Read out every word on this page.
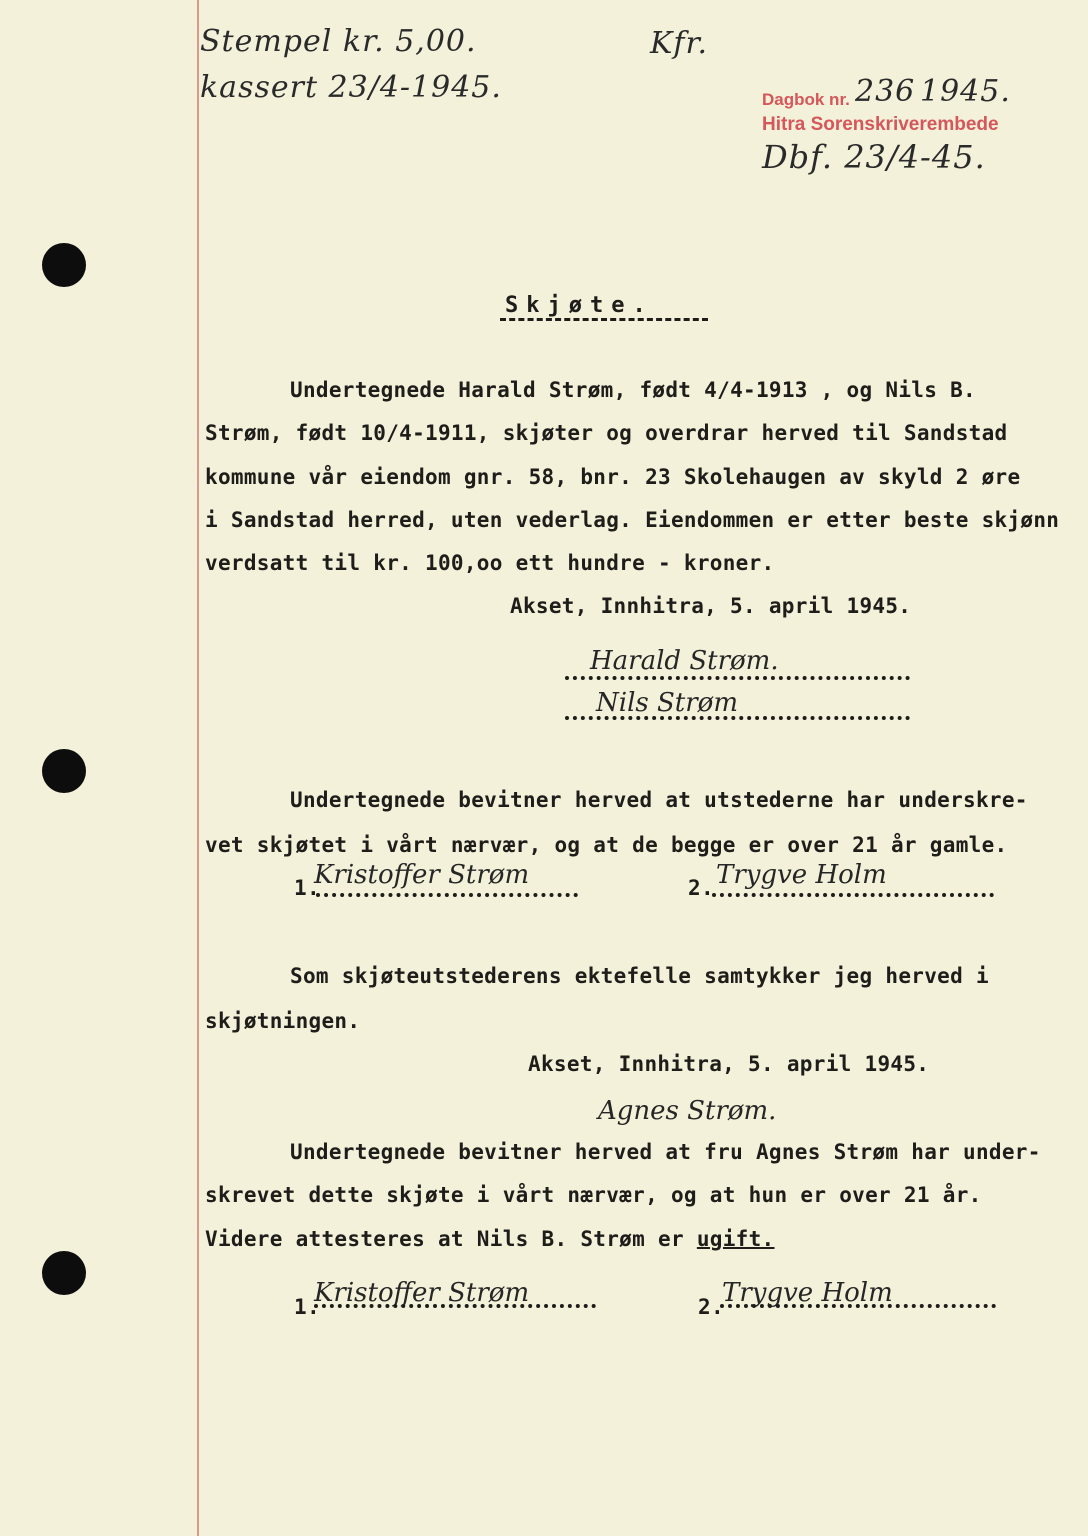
Stempel kr. 5,00.
kassert 23/4-1945.
Kfr.
Dagbok nr. 236 1945.
Hitra Sorenskriverembede
Dbf. 23/4-45.
Skjøte.
Undertegnede Harald Strøm, født 4/4-1913 , og Nils B.
Strøm, født 10/4-1911, skjøter og overdrar herved til Sandstad
kommune vår eiendom gnr. 58, bnr. 23 Skolehaugen av skyld 2 øre
i Sandstad herred, uten vederlag. Eiendommen er etter beste skjønn
verdsatt til kr. 100,oo ett hundre - kroner.
Akset, Innhitra, 5. april 1945.
Harald Strøm.
Nils Strøm
Undertegnede bevitner herved at utstederne har underskre-
vet skjøtet i vårt nærvær, og at de begge er over 21 år gamle.
1.
Kristoffer Strøm	2. Trygve Holm
Som skjøteutstederens ektefelle samtykker jeg herved i
skjøtningen.
Akset, Innhitra, 5. april 1945.
Agnes Strøm.
Undertegnede bevitner herved at fru Agnes Strøm har under-
skrevet dette skjøte i vårt nærvær, og at hun er over 21 år.
Videre attesteres at Nils B. Strøm er ugift.
1.
Kristoffer Strøm	2.
Trygve Holm
